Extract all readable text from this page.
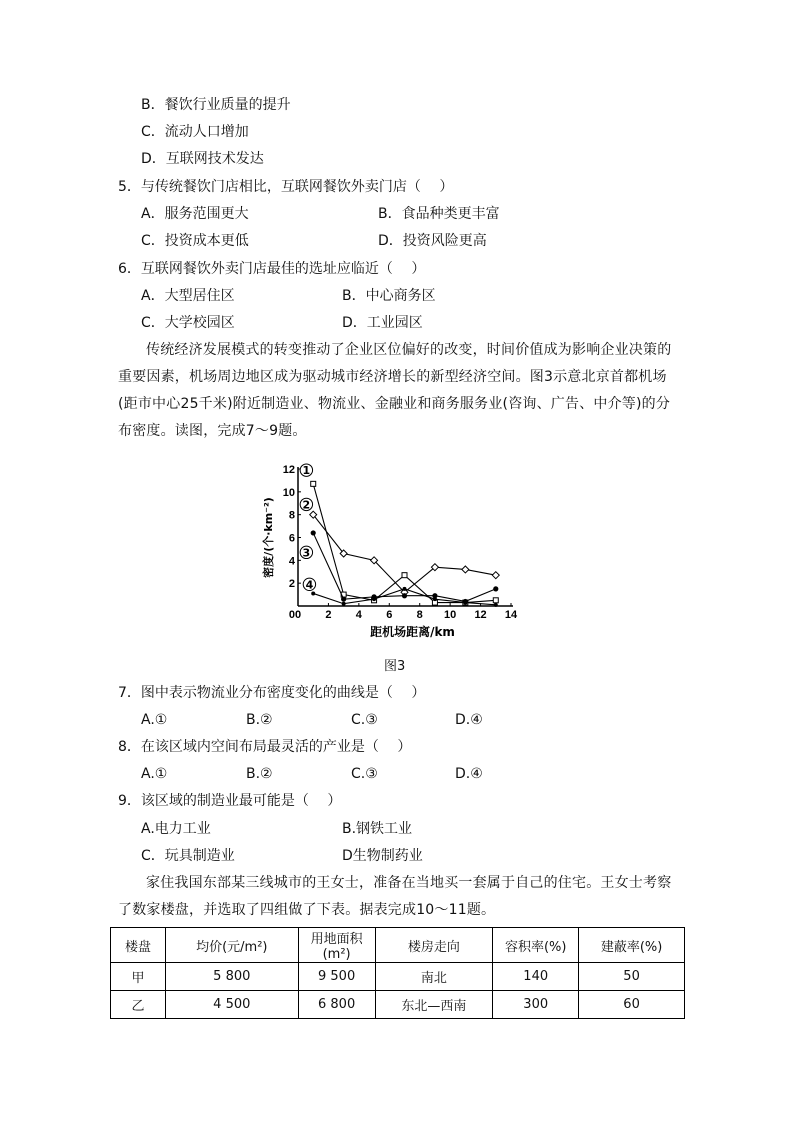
B．餐饮行业质量的提升
C．流动人口增加
D．互联网技术发达
5．与传统餐饮门店相比，互联网餐饮外卖门店（　 ）
A．服务范围更大	B．食品种类更丰富
C．投资成本更低	D．投资风险更高
6．互联网餐饮外卖门店最佳的选址应临近（　 ）
A．大型居住区	B．中心商务区
C．大学校园区	D．工业园区
传统经济发展模式的转变推动了企业区位偏好的改变，时间价值成为影响企业决策的重要因素，机场周边地区成为驱动城市经济增长的新型经济空间。图3示意北京首都机场(距市中心25千米)附近制造业、物流业、金融业和商务服务业(咨询、广告、中介等)的分布密度。读图，完成7～9题。
0 2 4 6 8 10 12 14
2
4
6
8
10
12
0
距机场距离/km
密度/(个·km⁻²)
1
2
3
4
图3
7．图中表示物流业分布密度变化的曲线是（　 ）
A.①	B.②	C.③	D.④
8．在该区域内空间布局最灵活的产业是（　 ）
A.①	B.②	C.③	D.④
9．该区域的制造业最可能是（　 ）
A.电力工业	B.钢铁工业
C．玩具制造业	D生物制药业
家住我国东部某三线城市的王女士，准备在当地买一套属于自己的住宅。王女士考察了数家楼盘，并选取了四组做了下表。据表完成10～11题。
楼盘	均价(元/m²)	用地面积(m²)	楼房走向	容积率(%)	建蔽率(%)
甲	5 800	9 500	南北	140	50
乙	4 500	6 800	东北—西南	300	60
